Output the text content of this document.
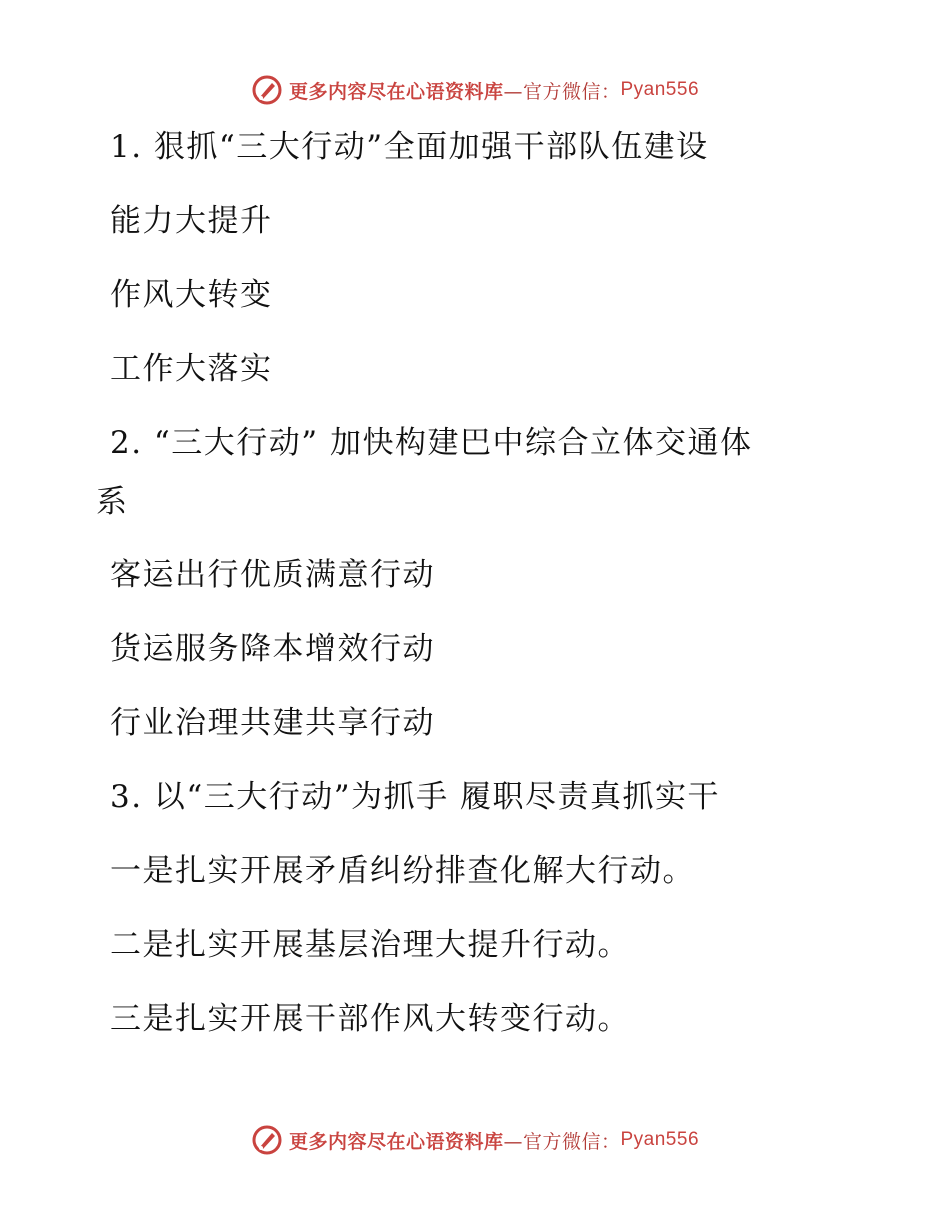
更多内容尽在心语资料库 —官方微信： Pyan556
1. 狠抓“三大行动”全面加强干部队伍建设
能力大提升
作风大转变
工作大落实
2. “三大行动” 加快构建巴中综合立体交通体
系
客运出行优质满意行动
货运服务降本增效行动
行业治理共建共享行动
3. 以“三大行动”为抓手 履职尽责真抓实干
一是扎实开展矛盾纠纷排查化解大行动。
二是扎实开展基层治理大提升行动。
三是扎实开展干部作风大转变行动。
更多内容尽在心语资料库 —官方微信： Pyan556
